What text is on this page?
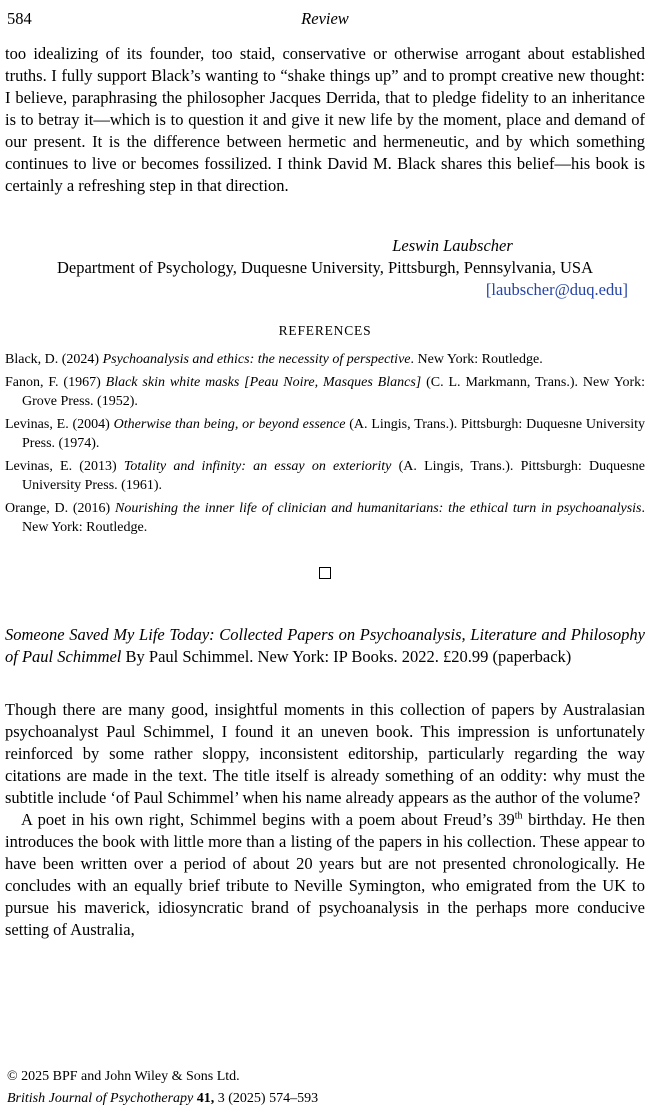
584	Review

too idealizing of its founder, too staid, conservative or otherwise arrogant about established truths. I fully support Black’s wanting to “shake things up” and to prompt creative new thought: I believe, paraphrasing the philosopher Jacques Derrida, that to pledge fidelity to an inheritance is to betray it—which is to question it and give it new life by the moment, place and demand of our present. It is the difference between hermetic and hermeneutic, and by which something continues to live or becomes fossilized. I think David M. Black shares this belief—his book is certainly a refreshing step in that direction.

Leswin Laubscher
Department of Psychology, Duquesne University, Pittsburgh, Pennsylvania, USA
[laubscher@duq.edu]
REFERENCES

Black, D. (2024) Psychoanalysis and ethics: the necessity of perspective. New York: Routledge.

Fanon, F. (1967) Black skin white masks [Peau Noire, Masques Blancs] (C. L. Markmann, Trans.). New York: Grove Press. (1952).

Levinas, E. (2004) Otherwise than being, or beyond essence (A. Lingis, Trans.). Pittsburgh: Duquesne University Press. (1974).

Levinas, E. (2013) Totality and infinity: an essay on exteriority (A. Lingis, Trans.). Pittsburgh: Duquesne University Press. (1961).

Orange, D. (2016) Nourishing the inner life of clinician and humanitarians: the ethical turn in psychoanalysis. New York: Routledge.

Someone Saved My Life Today: Collected Papers on Psychoanalysis, Literature and Philosophy of Paul Schimmel By Paul Schimmel. New York: IP Books. 2022. £20.99 (paperback)

Though there are many good, insightful moments in this collection of papers by Australasian psychoanalyst Paul Schimmel, I found it an uneven book. This impression is unfortunately reinforced by some rather sloppy, inconsistent editorship, particularly regarding the way citations are made in the text. The title itself is already something of an oddity: why must the subtitle include ‘of Paul Schimmel’ when his name already appears as the author of the volume?

A poet in his own right, Schimmel begins with a poem about Freud’s 39th birthday. He then introduces the book with little more than a listing of the papers in his collection. These appear to have been written over a period of about 20 years but are not presented chronologically. He concludes with an equally brief tribute to Neville Symington, who emigrated from the UK to pursue his maverick, idiosyncratic brand of psychoanalysis in the perhaps more conducive setting of Australia,

© 2025 BPF and John Wiley & Sons Ltd.
British Journal of Psychotherapy 41, 3 (2025) 574–593
